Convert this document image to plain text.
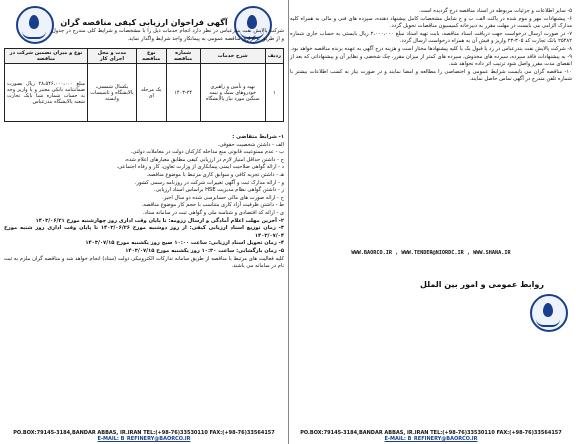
۵- سایر اطلاعات و جزئیات مربوطه در اسناد مناقصه درج گردیده است.

۶- پیشنهادات مهر و موم شده در پاکت الف، ب و ج شامل مشخصات کامل پیشنهاد دهنده، سپرده های فنی و مالی به همراه کلیه مدارک الزامی می بایست در مهلت مقرر به دبیرخانه کمیسیون مناقصات تحویل گردد.

۷- در صورت ارسال درخواست جهت دریافت اسناد مناقصه، بابت تهیه اسناد مبلغ ۲،۰۰۰،۰۰۰ ریال بایستی به حساب جاری شماره ۲۵۴۸۲ بانک تجارت کد ۳۰۵-۲۳ واریز و فیش آن به همراه درخواست ارسال گردد.

۸- شرکت پالایش نفت بندرعباس در رد یا قبول یک یا کلیه پیشنهادها مختار است و هزینه درج آگهی به عهده برنده مناقصه خواهد بود.

۹- به پیشنهادات فاقد سپرده، سپرده های مخدوش، سپرده های کمتر از میزان مقرر، چک شخصی و نظایر آن و پیشنهاداتی که بعد از انقضای مدت مقرر واصل شود ترتیب اثر داده نخواهد شد.

۱۰- مناقصه گران می بایست شرایط عمومی و اختصاصی را مطالعه و امضا نمایند و در صورت نیاز به کسب اطلاعات بیشتر با شماره تلفن مندرج در آگهی تماس حاصل نمایند.

WWW.BAORCO.IR , WWW.TENDER@NIORDC.IR , WWW.SHANA.IR
روابط عمومی و امور بین الملل
PO.BOX:79145-3184,BANDAR ABBAS, IR.IRAN TEL:(+98-76)33530110 FAX:(+98-76)33564157
E-MAIL: B_REFINERY@BAORCO.IR
آگهی فراخوان ارزیابی کیفی مناقصه گران

شرکت پالایش نفت بندرعباس در نظر دارد انجام خدمات ذیل را با مشخصات و شرایط کلی مندرج در جدول و از طریق برگزاری مناقصه عمومی به پیمانکار واجد شرایط واگذار نماید.

ردیف	شرح خدمات	شماره مناقصه	نوع مناقصه	مدت و محل اجرای کار	نوع و میزان تضمین شرکت در مناقصه
۱	تهیه و تأمین و راهبری خودروهای سبک و نیمه سنگین مورد نیاز پالایشگاه	۱۴۰۳-۲۴	یک مرحله ای	یکسال شمسی، پالایشگاه و تاسیسات وابسته	مبلغ ۲۸،۵۴۶،۰۰۰،۰۰۰ ریال بصورت ضمانتنامه بانکی معتبر و یا واریز وجه به حساب شماره شبا بانک تجارت شعبه پالایشگاه بندرعباس

۱- شرایط متقاضی :

الف - داشتن شخصیت حقوقی.

ب - عدم ممنوعیت قانونی منع مداخله کارکنان دولت در معاملات دولتی.

ج - داشتن حداقل امتیاز لازم در ارزیابی کیفی مطابق معیارهای اعلام شده.

د - ارائه گواهی صلاحیت ایمنی پیمانکاری از وزارت تعاون، کار و رفاه اجتماعی.

هـ - داشتن تجربه کافی و سوابق کاری مرتبط با موضوع مناقصه.

و - ارائه مدارک ثبت و آگهی تغییرات شرکت در روزنامه رسمی کشور.

ز - داشتن گواهی نظام مدیریت HSE براساس اسناد ارزیابی.

ح - ارائه صورت های مالی حسابرسی شده دو سال اخیر.

ط - داشتن ظرفیت آزاد کاری متناسب با حجم کار موضوع مناقصه.

ی - ارائه کد اقتصادی و شناسه ملی و گواهی ثبت در سامانه ستاد.

۲- آخرین مهلت اعلام آمادگی و ارسال رزومه: تا پایان وقت اداری روز چهارشنبه مورخ ۱۴۰۳/۰۶/۲۱

۳- زمان توزیع اسناد ارزیابی کیفی: از روز دوشنبه مورخ ۱۴۰۳/۰۶/۲۶ تا پایان وقت اداری روز شنبه مورخ ۱۴۰۳/۰۷/۰۴

۴- زمان تحویل اسناد ارزیابی: ساعت ۱۰:۰۰ صبح روز یکشنبه مورخ ۱۴۰۳/۰۷/۱۵

۵- زمان بازگشایی: ساعت ۱۰:۳۰ روز یکشنبه مورخ ۱۴۰۳/۰۷/۱۵

کلیه فعالیت های مرتبط با مناقصه از طریق سامانه تدارکات الکترونیکی دولت (ستاد) انجام خواهد شد و مناقصه گران ملزم به ثبت نام در سامانه می باشند.

PO.BOX:79145-3184,BANDAR ABBAS, IR.IRAN TEL:(+98-76)33530110 FAX:(+98-76)33564157
E-MAIL: B_REFINERY@BAORCO.IR
